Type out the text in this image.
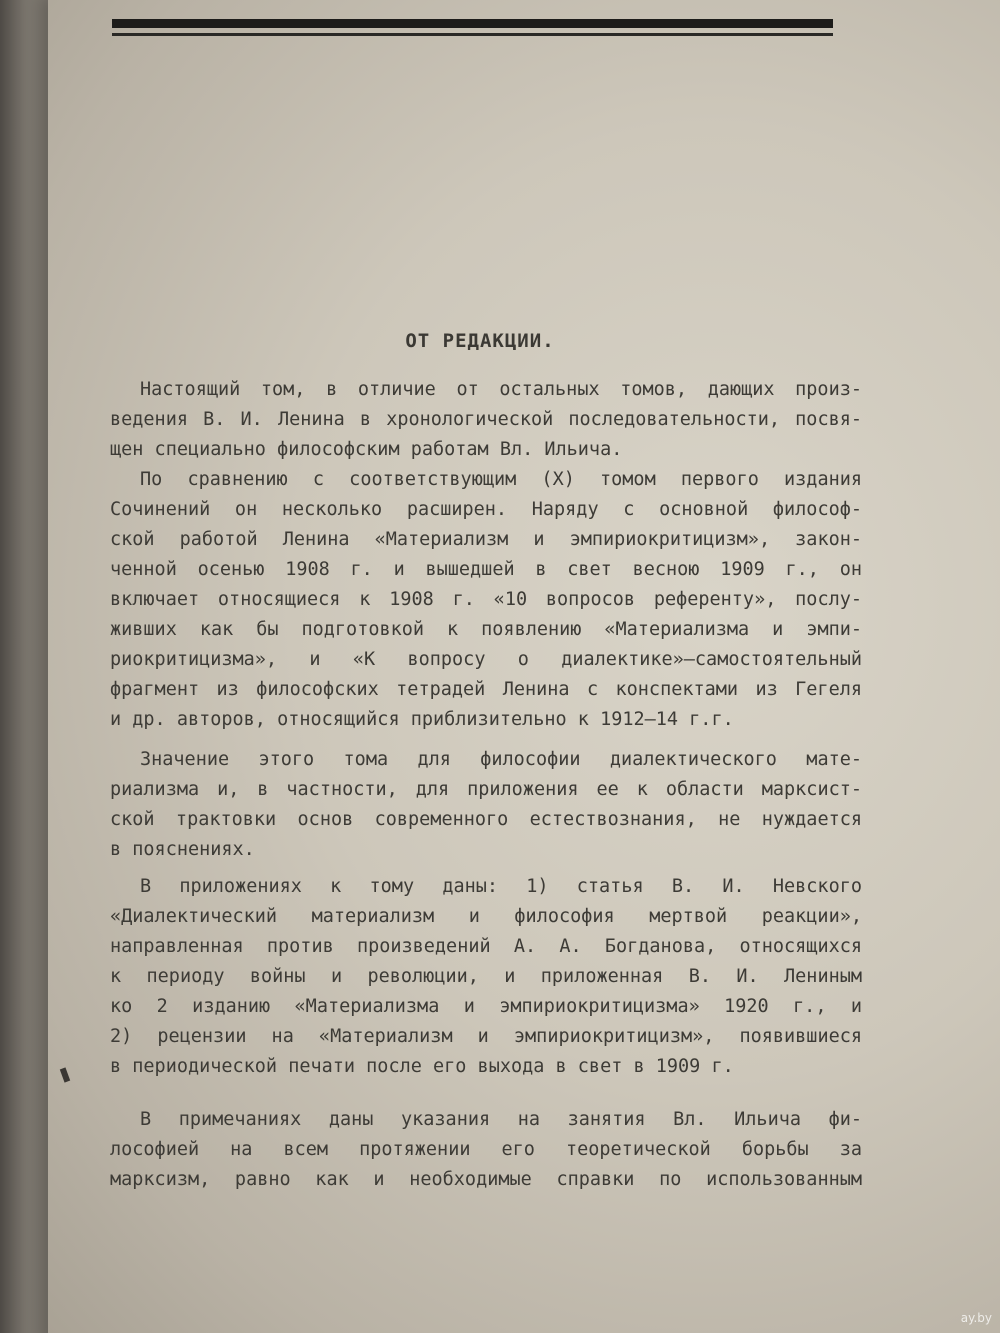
ОТ РЕДАКЦИИ.
Настоящий том, в отличие от остальных томов, дающих произ-
ведения В. И. Ленина в хронологической последовательности, посвя-
щен специально философским работам Вл. Ильича.
По сравнению с соответствующим (X) томом первого издания
Сочинений он несколько расширен. Наряду с основной философ-
ской работой Ленина «Материализм и эмпириокритицизм», закон-
ченной осенью 1908 г. и вышедшей в свет весною 1909 г., он
включает относящиеся к 1908 г. «10 вопросов референту», послу-
живших как бы подготовкой к появлению «Материализма и эмпи-
риокритицизма», и «К вопросу о диалектике»—самостоятельный
фрагмент из философских тетрадей Ленина с конспектами из Гегеля
и др. авторов, относящийся приблизительно к 1912—14 г.г.
Значение этого тома для философии диалектического мате-
риализма и, в частности, для приложения ее к области марксист-
ской трактовки основ современного естествознания, не нуждается
в пояснениях.
В приложениях к тому даны: 1) статья В. И. Невского
«Диалектический материализм и философия мертвой реакции»,
направленная против произведений А. А. Богданова, относящихся
к периоду войны и революции, и приложенная В. И. Лениным
ко 2 изданию «Материализма и эмпириокритицизма» 1920 г., и
2) рецензии на «Материализм и эмпириокритицизм», появившиеся
в периодической печати после его выхода в свет в 1909 г.
В примечаниях даны указания на занятия Вл. Ильича фи-
лософией на всем протяжении его теоретической борьбы за
марксизм, равно как и необходимые справки по использованным
ay.by
